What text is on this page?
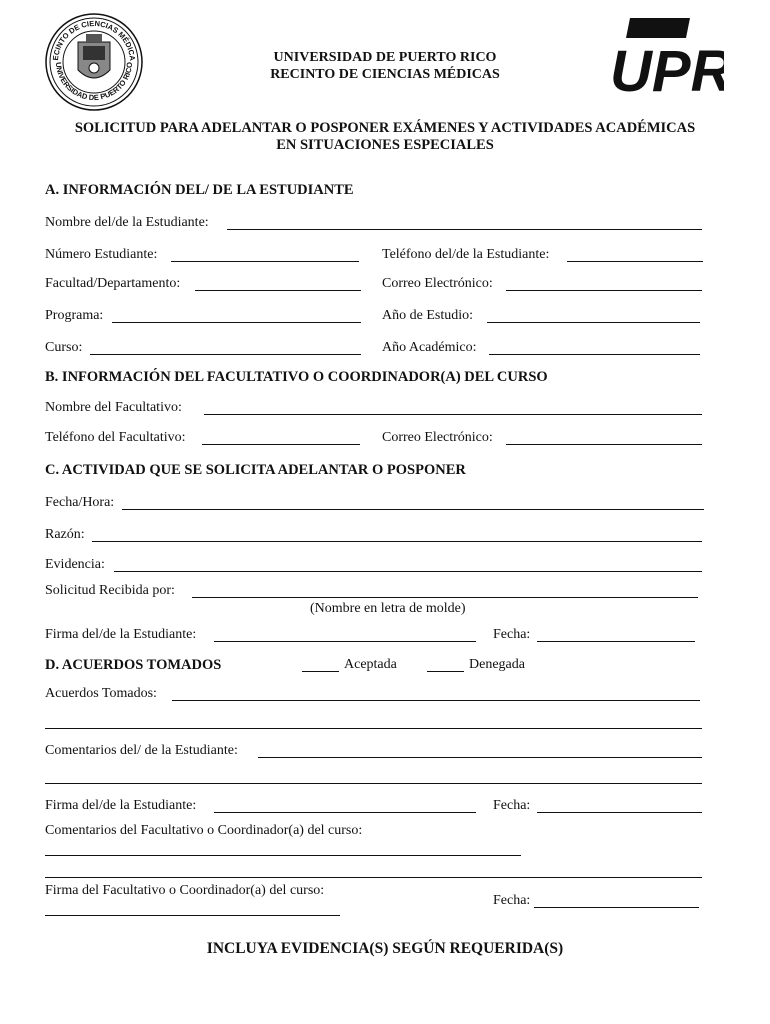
ECINTO DE CIENCIAS MÉDICA
UNIVERSIDAD DE PUERTO RICO
UNIVERSIDAD DE PUERTO RICO
RECINTO DE CIENCIAS MÉDICAS	UPR
SOLICITUD PARA ADELANTAR O POSPONER EXÁMENES Y ACTIVIDADES ACADÉMICAS
EN SITUACIONES ESPECIALES
A. INFORMACIÓN DEL/ DE LA ESTUDIANTE
Nombre del/de la Estudiante:
Número Estudiante:	Teléfono del/de la Estudiante:
Facultad/Departamento:	Correo Electrónico:
Programa:	Año de Estudio:
Curso:	Año Académico:
B. INFORMACIÓN DEL FACULTATIVO O COORDINADOR(A) DEL CURSO
Nombre del Facultativo:
Teléfono del Facultativo:	Correo Electrónico:
C. ACTIVIDAD QUE SE SOLICITA ADELANTAR O POSPONER
Fecha/Hora:
Razón:
Evidencia:
Solicitud Recibida por:
(Nombre en letra de molde)
Firma del/de la Estudiante:	Fecha:
D. ACUERDOS TOMADOS	Aceptada	Denegada
Acuerdos Tomados:
Comentarios del/ de la Estudiante:
Firma del/de la Estudiante:	Fecha:
Comentarios del Facultativo o Coordinador(a) del curso:
Firma del Facultativo o Coordinador(a) del curso:
Fecha:
INCLUYA EVIDENCIA(S) SEGÚN REQUERIDA(S)
